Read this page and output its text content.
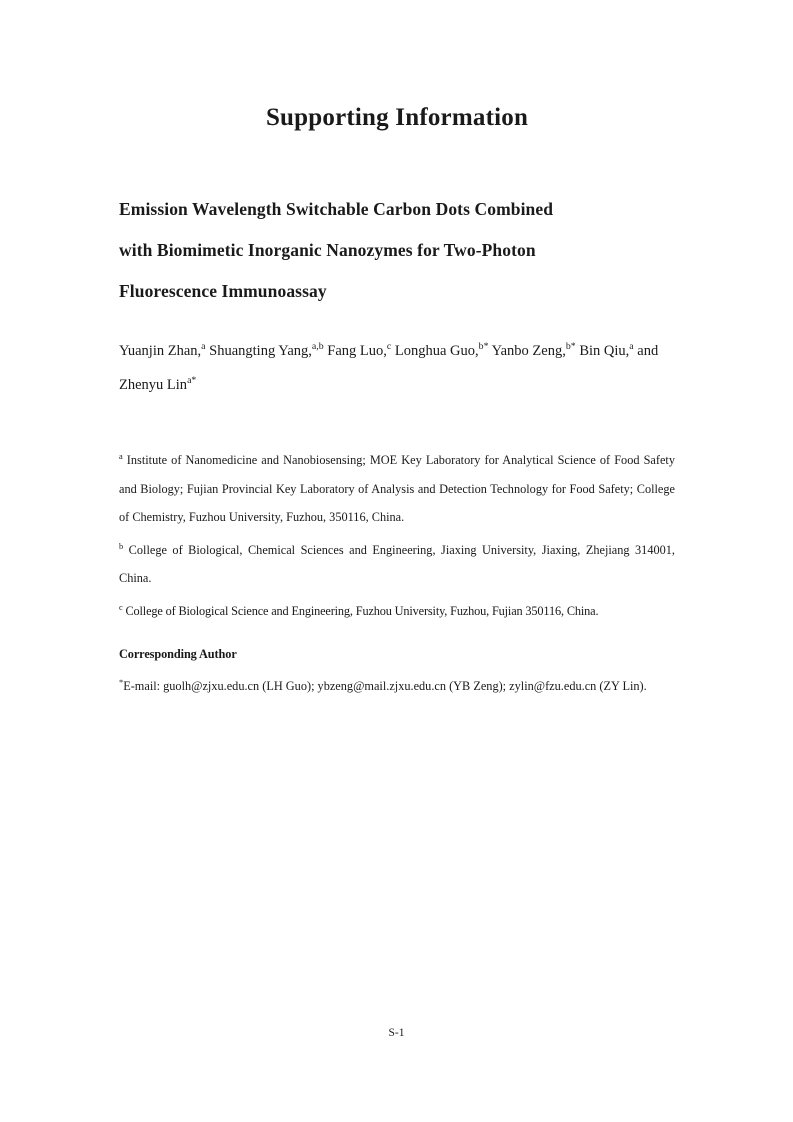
Supporting Information
Emission Wavelength Switchable Carbon Dots Combined
with Biomimetic Inorganic Nanozymes for Two-Photon
Fluorescence Immunoassay
Yuanjin Zhan,$^a$ Shuangting Yang,$^{a,b}$ Fang Luo,$^c$ Longhua Guo,$^{b*}$ Yanbo Zeng,$^{b*}$ Bin Qiu,$^a$ and Zhenyu Lin$^{a*}$
$^a$ Institute of Nanomedicine and Nanobiosensing; MOE Key Laboratory for Analytical Science of Food Safety and Biology; Fujian Provincial Key Laboratory of Analysis and Detection Technology for Food Safety; College of Chemistry, Fuzhou University, Fuzhou, 350116, China.
$^b$ College of Biological, Chemical Sciences and Engineering, Jiaxing University, Jiaxing, Zhejiang 314001, China.
$^c$ College of Biological Science and Engineering, Fuzhou University, Fuzhou, Fujian 350116, China.
Corresponding Author
*E-mail: guolh@zjxu.edu.cn (LH Guo); ybzeng@mail.zjxu.edu.cn (YB Zeng); zylin@fzu.edu.cn (ZY Lin).
S-1
